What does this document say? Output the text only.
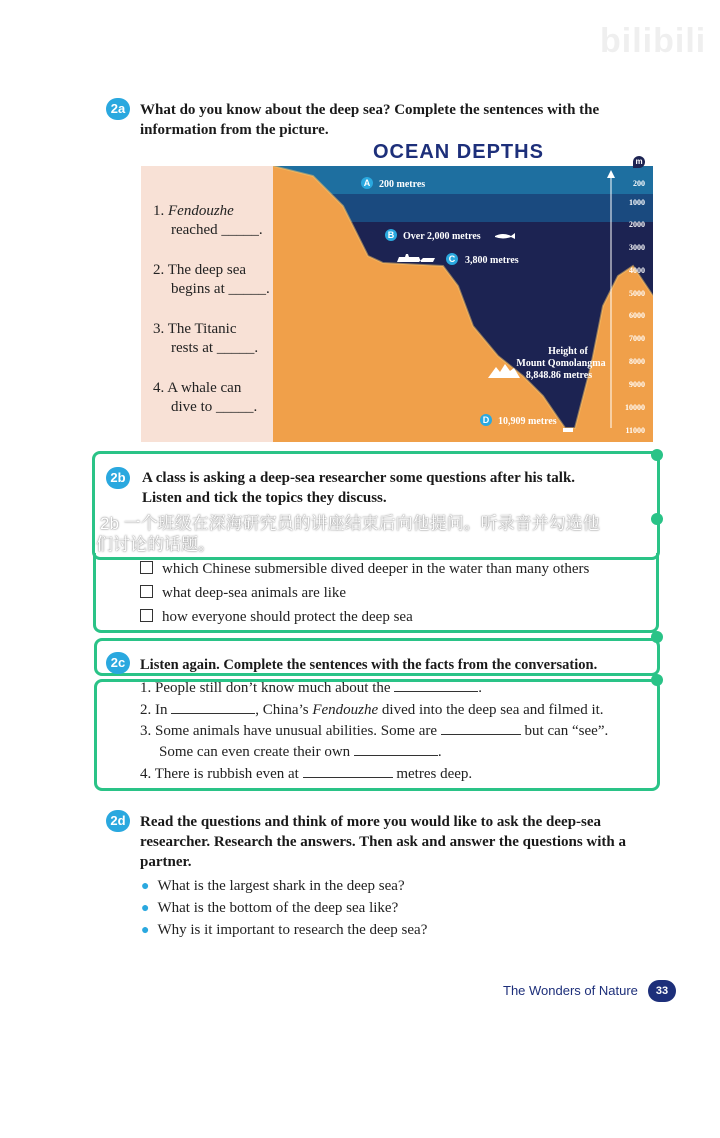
bilibili
2a What do you know about the deep sea? Complete the sentences with the information from the picture.
OCEAN DEPTHS
1. Fendouzhe
reached _____.
2. The deep sea
begins at _____.
3. The Titanic
rests at _____.
4. A whale can
dive to _____.
A 200 metres
B Over 2,000 metres
C 3,800 metres
Height of
Mount Qomolangma
8,848.86 metres
D 10,909 metres
200
1000
2000
3000
4000
5000
6000
7000
8000
9000
10000
11000
m
2b A class is asking a deep-sea researcher some questions after his talk.
Listen and tick the topics they discuss.
2b 一个班级在深海研究员的讲座结束后向他提问。听录音并勾选他
们讨论的话题。
which Chinese submersible dived deeper in the water than many others
what deep-sea animals are like
how everyone should protect the deep sea
2c	Listen again. Complete the sentences with the facts from the conversation.
1. People still don’t know much about the	.
2. In	, China’s Fendouzhe dived into the deep sea and filmed it.
3. Some animals have unusual abilities. Some are	but can “see”.
Some can even create their own	.
4. There is rubbish even at	metres deep.
2d Read the questions and think of more you would like to ask the deep-sea
researcher. Research the answers. Then ask and answer the questions with a
partner.
● What is the largest shark in the deep sea?
● What is the bottom of the deep sea like?
● Why is it important to research the deep sea?
The Wonders of Nature	33
